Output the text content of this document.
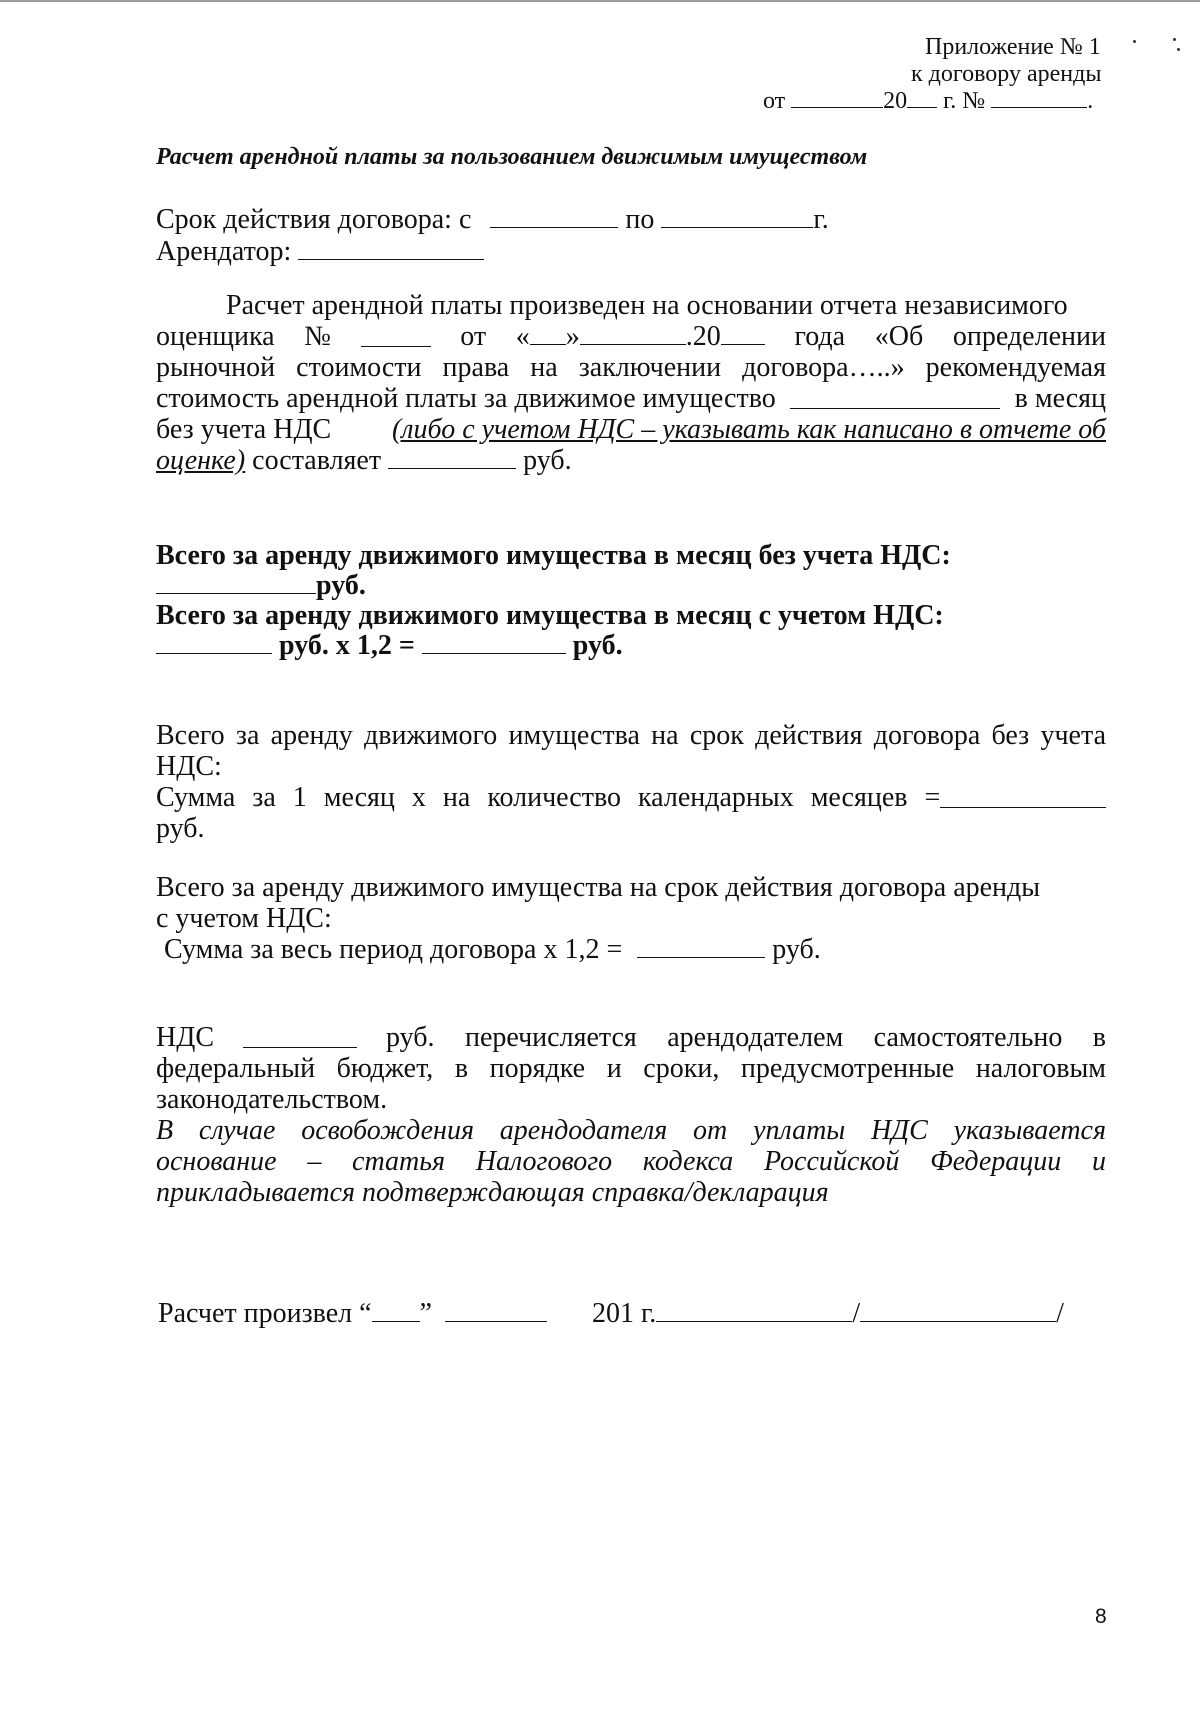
Приложение № 1
к договору аренды
от	20 г. №	.
Расчет арендной платы за пользованием движимым имуществом
Срок действия договора: с	по	г.
Арендатор:
Расчет арендной платы произведен на основании отчета независимого
оценщика №	от « »	.20	года «Об определении
рыночной стоимости права на заключении договора…..» рекомендуемая
стоимость арендной платы за движимое имущество	в месяц
без учета НДС (либо с учетом НДС – указывать как написано в отчете об
оценке) составляет	руб.
Всего за аренду движимого имущества в месяц без учета НДС:
руб.
Всего за аренду движимого имущества в месяц с учетом НДС:
руб. х 1,2 =	руб.
Всего за аренду движимого имущества на срок действия договора без учета
НДС:
Сумма за 1 месяц х на количество календарных месяцев =
руб.
Всего за аренду движимого имущества на срок действия договора аренды
с учетом НДС:
Сумма за весь период договора х 1,2 =	руб.
НДС	руб. перечисляется арендодателем самостоятельно в
федеральный бюджет, в порядке и сроки, предусмотренные налоговым
законодательством.
В случае освобождения арендодателя от уплаты НДС указывается
основание – статья Налогового кодекса Российской Федерации и
прикладывается подтверждающая справка/декларация
Расчет произвел “ ”	201 г.	/	/
8
